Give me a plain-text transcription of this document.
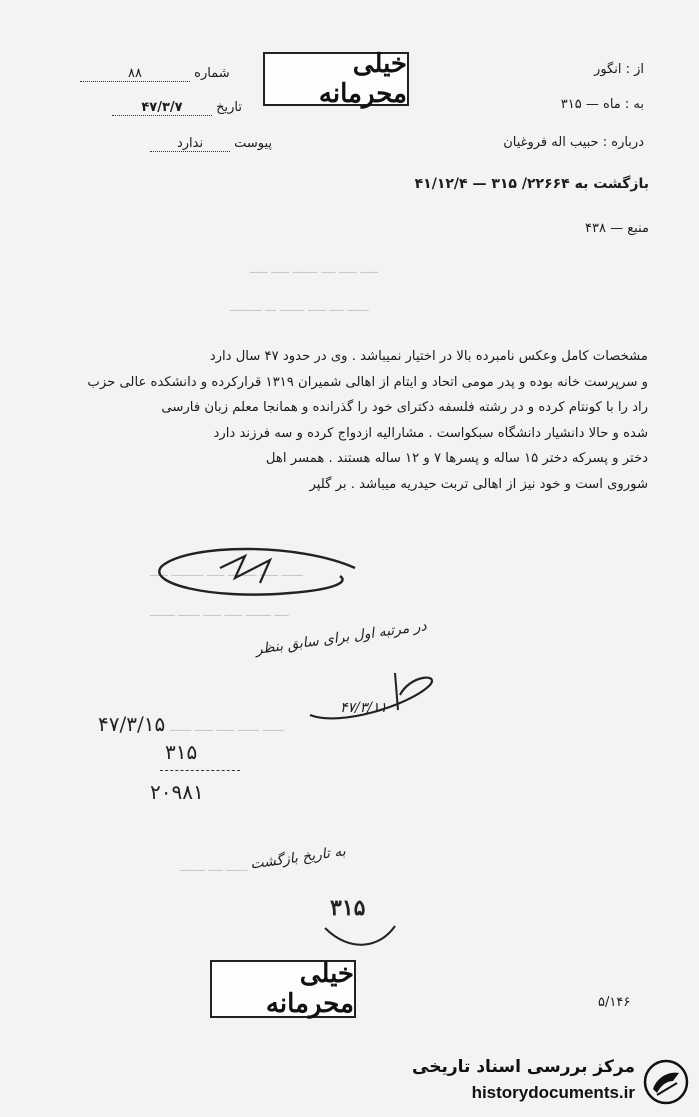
ـــــ ـــــ ــــ ـــــــ ـــــ ـــــ
ــــــ ــــ ـــــ ـــــــ ـــ ـــــــــ
ــــــ ـــــ ــــــــ ـــــ ـــــــــ ـــــ
ــــ ـــــــ ـــــ ـــــ ــــــ ـــــــ
ــــــ ــــــ ـــــ ـــــ ــــــ
ــــــ ــــ ـــــــ
خیلی محرمانه
از : انگور
به : ماه — ۳۱۵
درباره : حبیب اله فروغیان
بازگشت به ۲۲۶۶۴/ ۳۱۵ — ۴۱/۱۲/۴
منبع — ۴۳۸
شماره ۸۸
تاریخ ۴۷/۳/۷
پیوست ندارد

مشخصات کامل وعکس نامبرده بالا در اختیار نمیباشد . وی در حدود ۴۷ سال دارد

و سرپرست خانه بوده و پدر مومی اتحاد و ایتام از اهالی شمیران ۱۳۱۹ قرارکرده و دانشکده عالی حزب

راد را با کونتام کرده و در رشته فلسفه دکترای خود را گذرانده و همانجا معلم زبان فارسی

شده و حالا دانشیار دانشگاه سبکواست . مشارالیه ازدواج کرده و سه فرزند دارد

دختر و پسرکه دختر ۱۵ ساله و پسرها ۷ و ۱۲ ساله هستند . همسر اهل

شوروی است و خود نیز از اهالی تربت حیدریه میباشد . بر گلپر

در مرتبه اول برای سابق بنظر
۴۷/۳/۱۱
۴۷/۳/۱۵
۳۱۵
۲۰۹۸۱
به تاریخ بازگشت
۳۱۵
خیلی محرمانه	۵/۱۴۶
مرکز بررسی اسناد تاریخی
historydocuments.ir
